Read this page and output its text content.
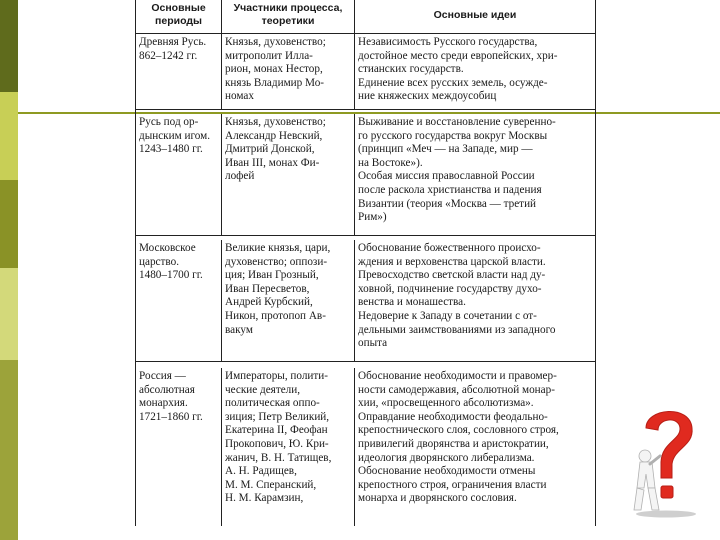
Основные
периоды
Участники процесса,
теоретики	Основные идеи
Древняя Русь.
862–1242 гг.
Князья, духовенство;
митрополит Илла-
рион, монах Нестор,
князь Владимир Мо-
номах
Независимость Русского государства,
достойное место среди европейских, хри-
стианских государств.
Единение всех русских земель, осужде-
ние княжеских междоусобиц
Русь под ор-
дынским игом.
1243–1480 гг.
Князья, духовенство;
Александр Невский,
Дмитрий Донской,
Иван III, монах Фи-
лофей
Выживание и восстановление суверенно-
го русского государства вокруг Москвы
(принцип «Меч — на Западе, мир —
на Востоке»).
Особая миссия православной России
после раскола христианства и падения
Византии (теория «Москва — третий
Рим»)
Московское
царство.
1480–1700 гг.
Великие князья, цари,
духовенство; оппози-
ция; Иван Грозный,
Иван Пересветов,
Андрей Курбский,
Никон, протопоп Ав-
вакум
Обоснование божественного происхо-
ждения и верховенства царской власти.
Превосходство светской власти над ду-
ховной, подчинение государству духо-
венства и монашества.
Недоверие к Западу в сочетании с от-
дельными заимствованиями из западного
опыта
Россия —
абсолютная
монархия.
1721–1860 гг.
Императоры, полити-
ческие деятели,
политическая оппо-
зиция; Петр Великий,
Екатерина II, Феофан
Прокопович, Ю. Кри-
жанич, В. Н. Татищев,
А. Н. Радищев,
М. М. Сперанский,
Н. М. Карамзин,
Обоснование необходимости и правомер-
ности самодержавия, абсолютной монар-
хии, «просвещенного абсолютизма».
Оправдание необходимости феодально-
крепостнического слоя, сословного строя,
привилегий дворянства и аристократии,
идеология дворянского либерализма.
Обоснование необходимости отмены
крепостного строя, ограничения власти
монарха и дворянского сословия.
